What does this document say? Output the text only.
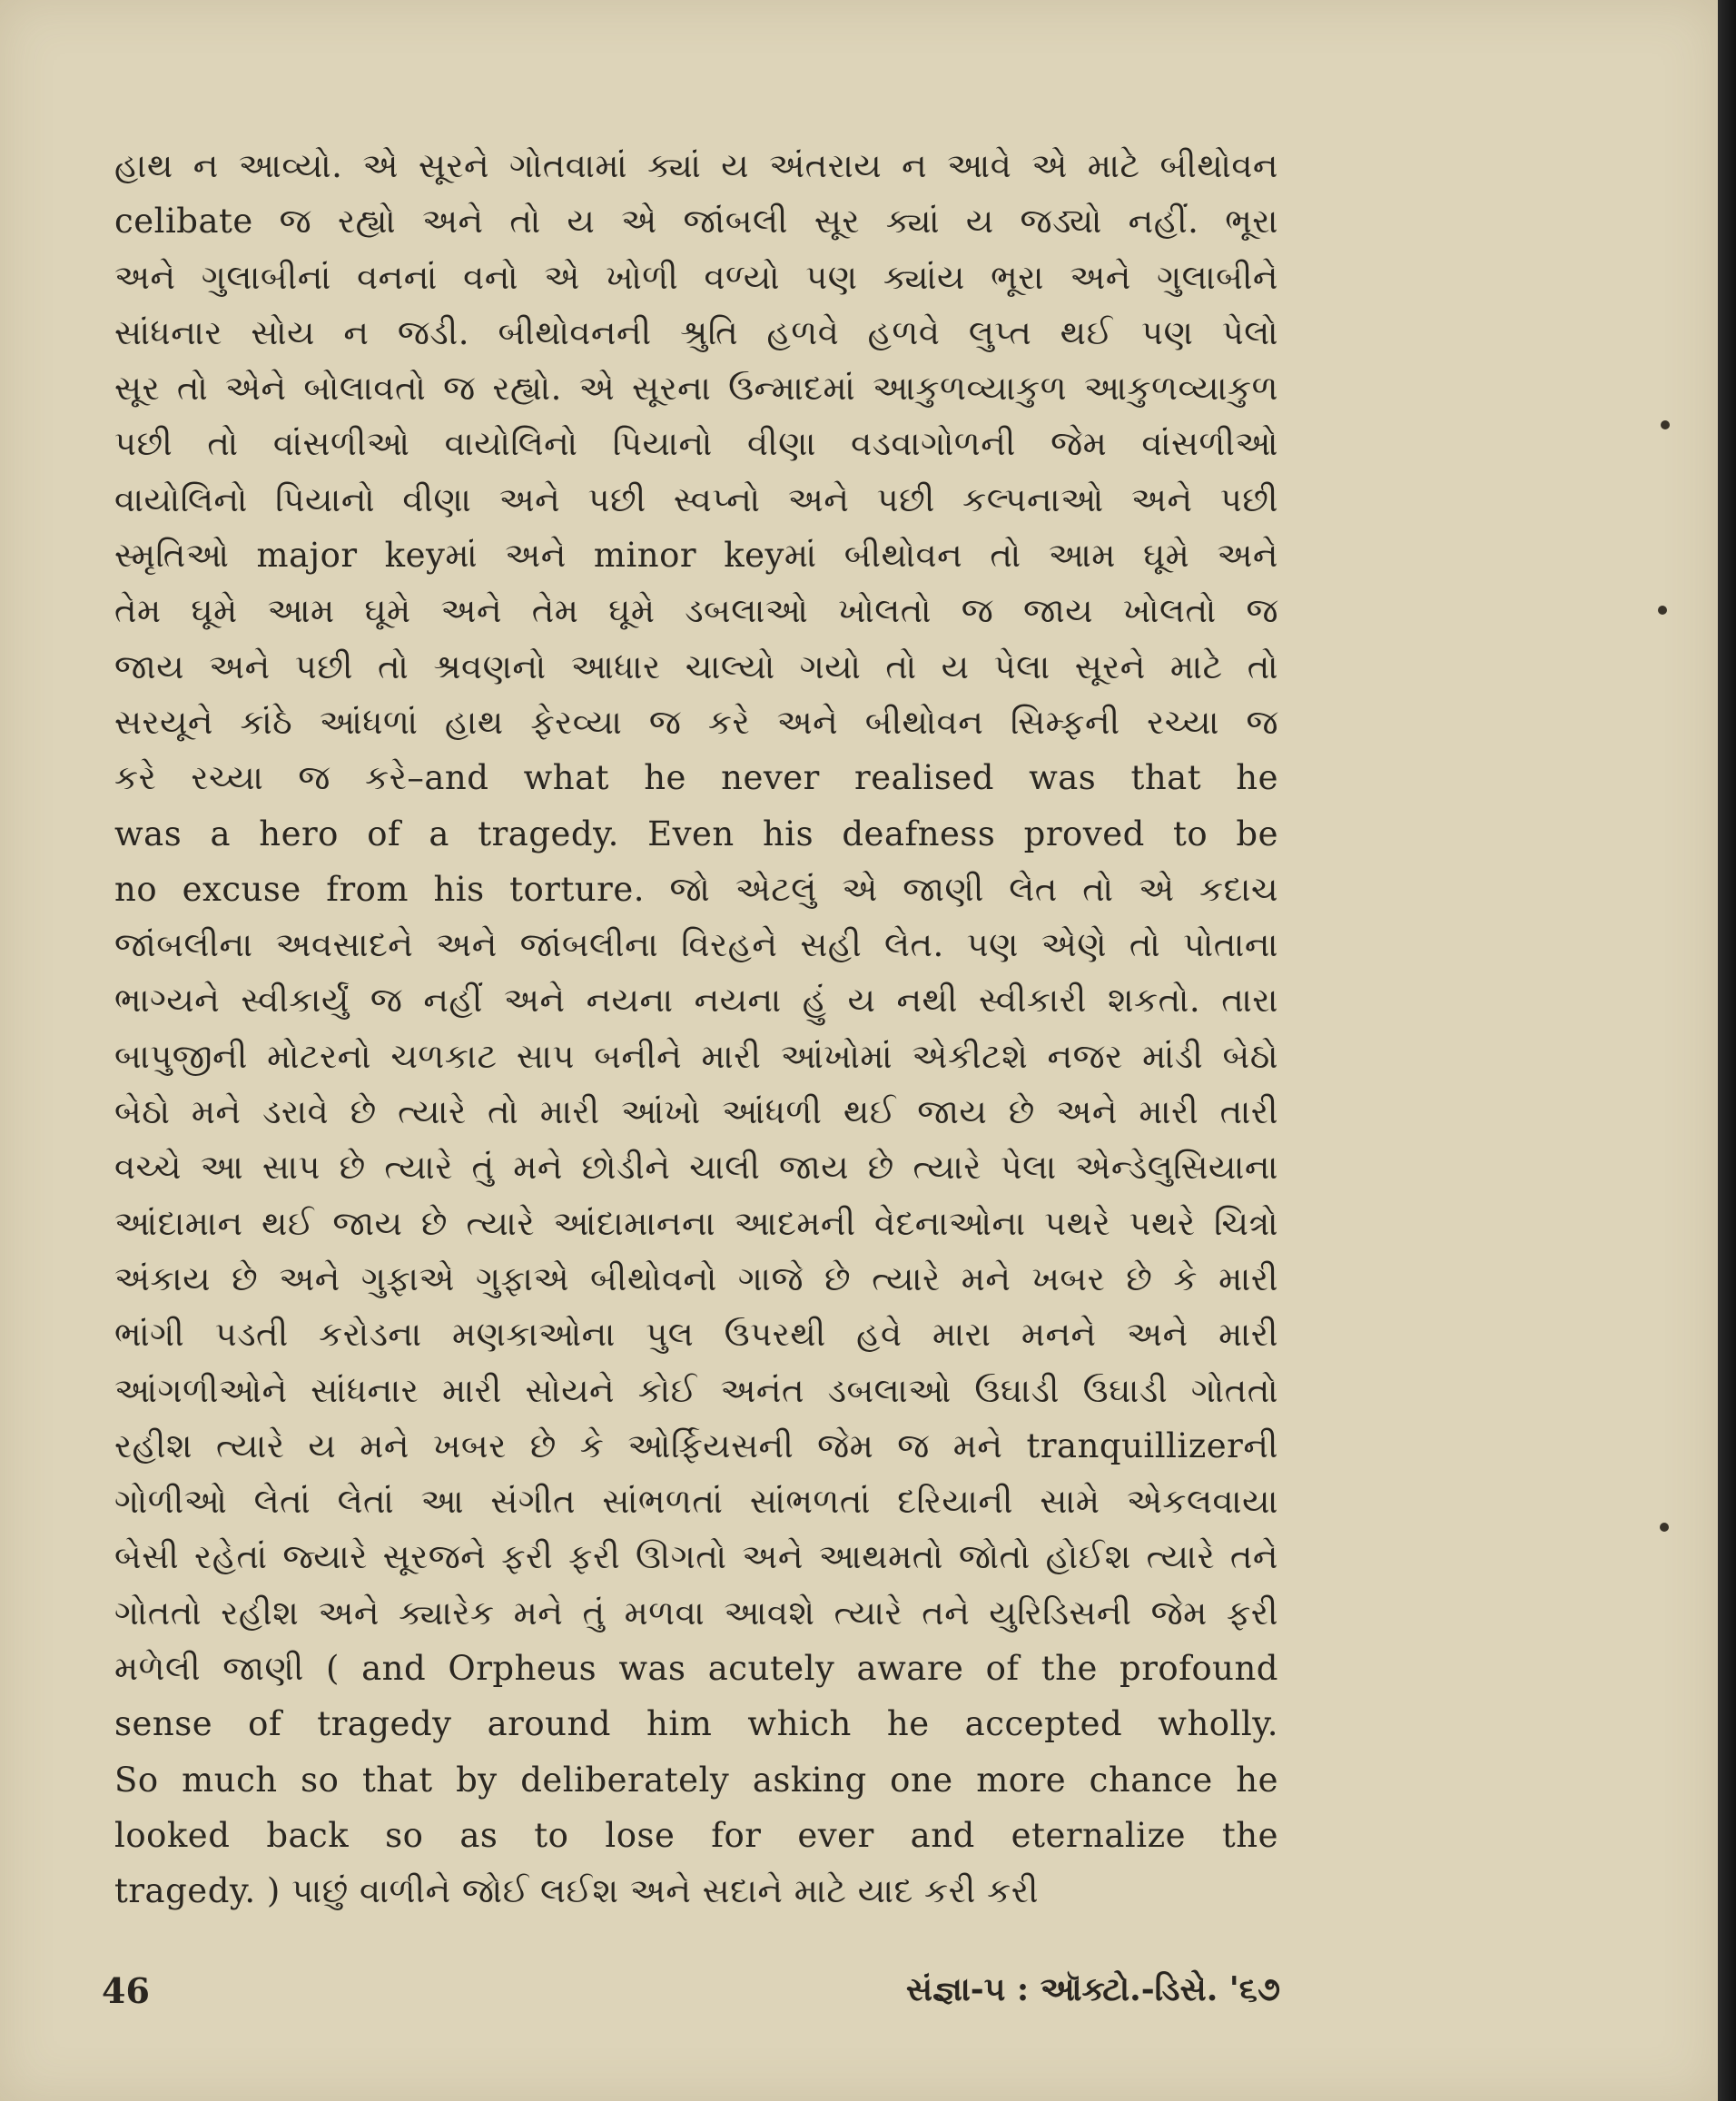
હાથ ન આવ્યો. એ સૂરને ગોતવામાં ક્યાં ય અંતરાય ન આવે એ માટે બીથોવન
celibate જ રહ્યો અને તો ય એ જાંબલી સૂર ક્યાં ય જડ્યો નહીં. ભૂરા
અને ગુલાબીનાં વનનાં વનો એ ખોળી વળ્યો પણ ક્યાંય ભૂરા અને ગુલાબીને
સાંધનાર સોય ન જડી. બીથોવનની શ્રુતિ હળવે હળવે લુપ્ત થઈ પણ પેલો
સૂર તો એને બોલાવતો જ રહ્યો. એ સૂરના ઉન્માદમાં આકુળવ્યાકુળ આકુળવ્યાકુળ
પછી તો વાંસળીઓ વાયોલિનો પિયાનો વીણા વડવાગોળની જેમ વાંસળીઓ
વાયોલિનો પિયાનો વીણા અને પછી સ્વપ્નો અને પછી કલ્પનાઓ અને પછી
સ્મૃતિઓ major keyમાં અને minor keyમાં બીથોવન તો આમ ઘૂમે અને
તેમ ઘૂમે આમ ઘૂમે અને તેમ ઘૂમે ડબલાઓ ખોલતો જ જાય ખોલતો જ
જાય અને પછી તો શ્રવણનો આધાર ચાલ્યો ગયો તો ય પેલા સૂરને માટે તો
સરયૂને કાંઠે આંધળાં હાથ ફેરવ્યા જ કરે અને બીથોવન સિમ્ફની રચ્યા જ
કરે રચ્યા જ કરે–and what he never realised was that he
was a hero of a tragedy. Even his deafness proved to be
no excuse from his torture. જો એટલું એ જાણી લેત તો એ કદાચ
જાંબલીના અવસાદને અને જાંબલીના વિરહને સહી લેત. પણ એણે તો પોતાના
ભાગ્યને સ્વીકાર્યું જ નહીં અને નયના નયના હું ય નથી સ્વીકારી શકતો. તારા
બાપુજીની મોટરનો ચળકાટ સાપ બનીને મારી આંખોમાં એકીટશે નજર માંડી બેઠો
બેઠો મને ડરાવે છે ત્યારે તો મારી આંખો આંધળી થઈ જાય છે અને મારી તારી
વચ્ચે આ સાપ છે ત્યારે તું મને છોડીને ચાલી જાય છે ત્યારે પેલા એન્ડેલુસિયાના
આંદામાન થઈ જાય છે ત્યારે આંદામાનના આદમની વેદનાઓના પથરે પથરે ચિત્રો
અંકાય છે અને ગુફાએ ગુફાએ બીથોવનો ગાજે છે ત્યારે મને ખબર છે કે મારી
ભાંગી પડતી કરોડના મણકાઓના પુલ ઉપરથી હવે મારા મનને અને મારી
આંગળીઓને સાંધનાર મારી સોયને કોઈ અનંત ડબલાઓ ઉઘાડી ઉઘાડી ગોતતો
રહીશ ત્યારે ય મને ખબર છે કે ઓર્ફિયસની જેમ જ મને tranquillizerની
ગોળીઓ લેતાં લેતાં આ સંગીત સાંભળતાં સાંભળતાં દરિયાની સામે એકલવાયા
બેસી રહેતાં જ્યારે સૂરજને ફરી ફરી ઊગતો અને આથમતો જોતો હોઈશ ત્યારે તને
ગોતતો રહીશ અને ક્યારેક મને તું મળવા આવશે ત્યારે તને યુરિડિસની જેમ ફરી
મળેલી જાણી ( and Orpheus was acutely aware of the profound
sense of tragedy around him which he accepted wholly.
So much so that by deliberately asking one more chance he
looked back so as to lose for ever and eternalize the
tragedy. ) પાછું વાળીને જોઈ લઈશ અને સદાને માટે યાદ કરી કરી
46	સંજ્ઞા-૫ : ઑક્ટો.-ડિસે. '૬૭
